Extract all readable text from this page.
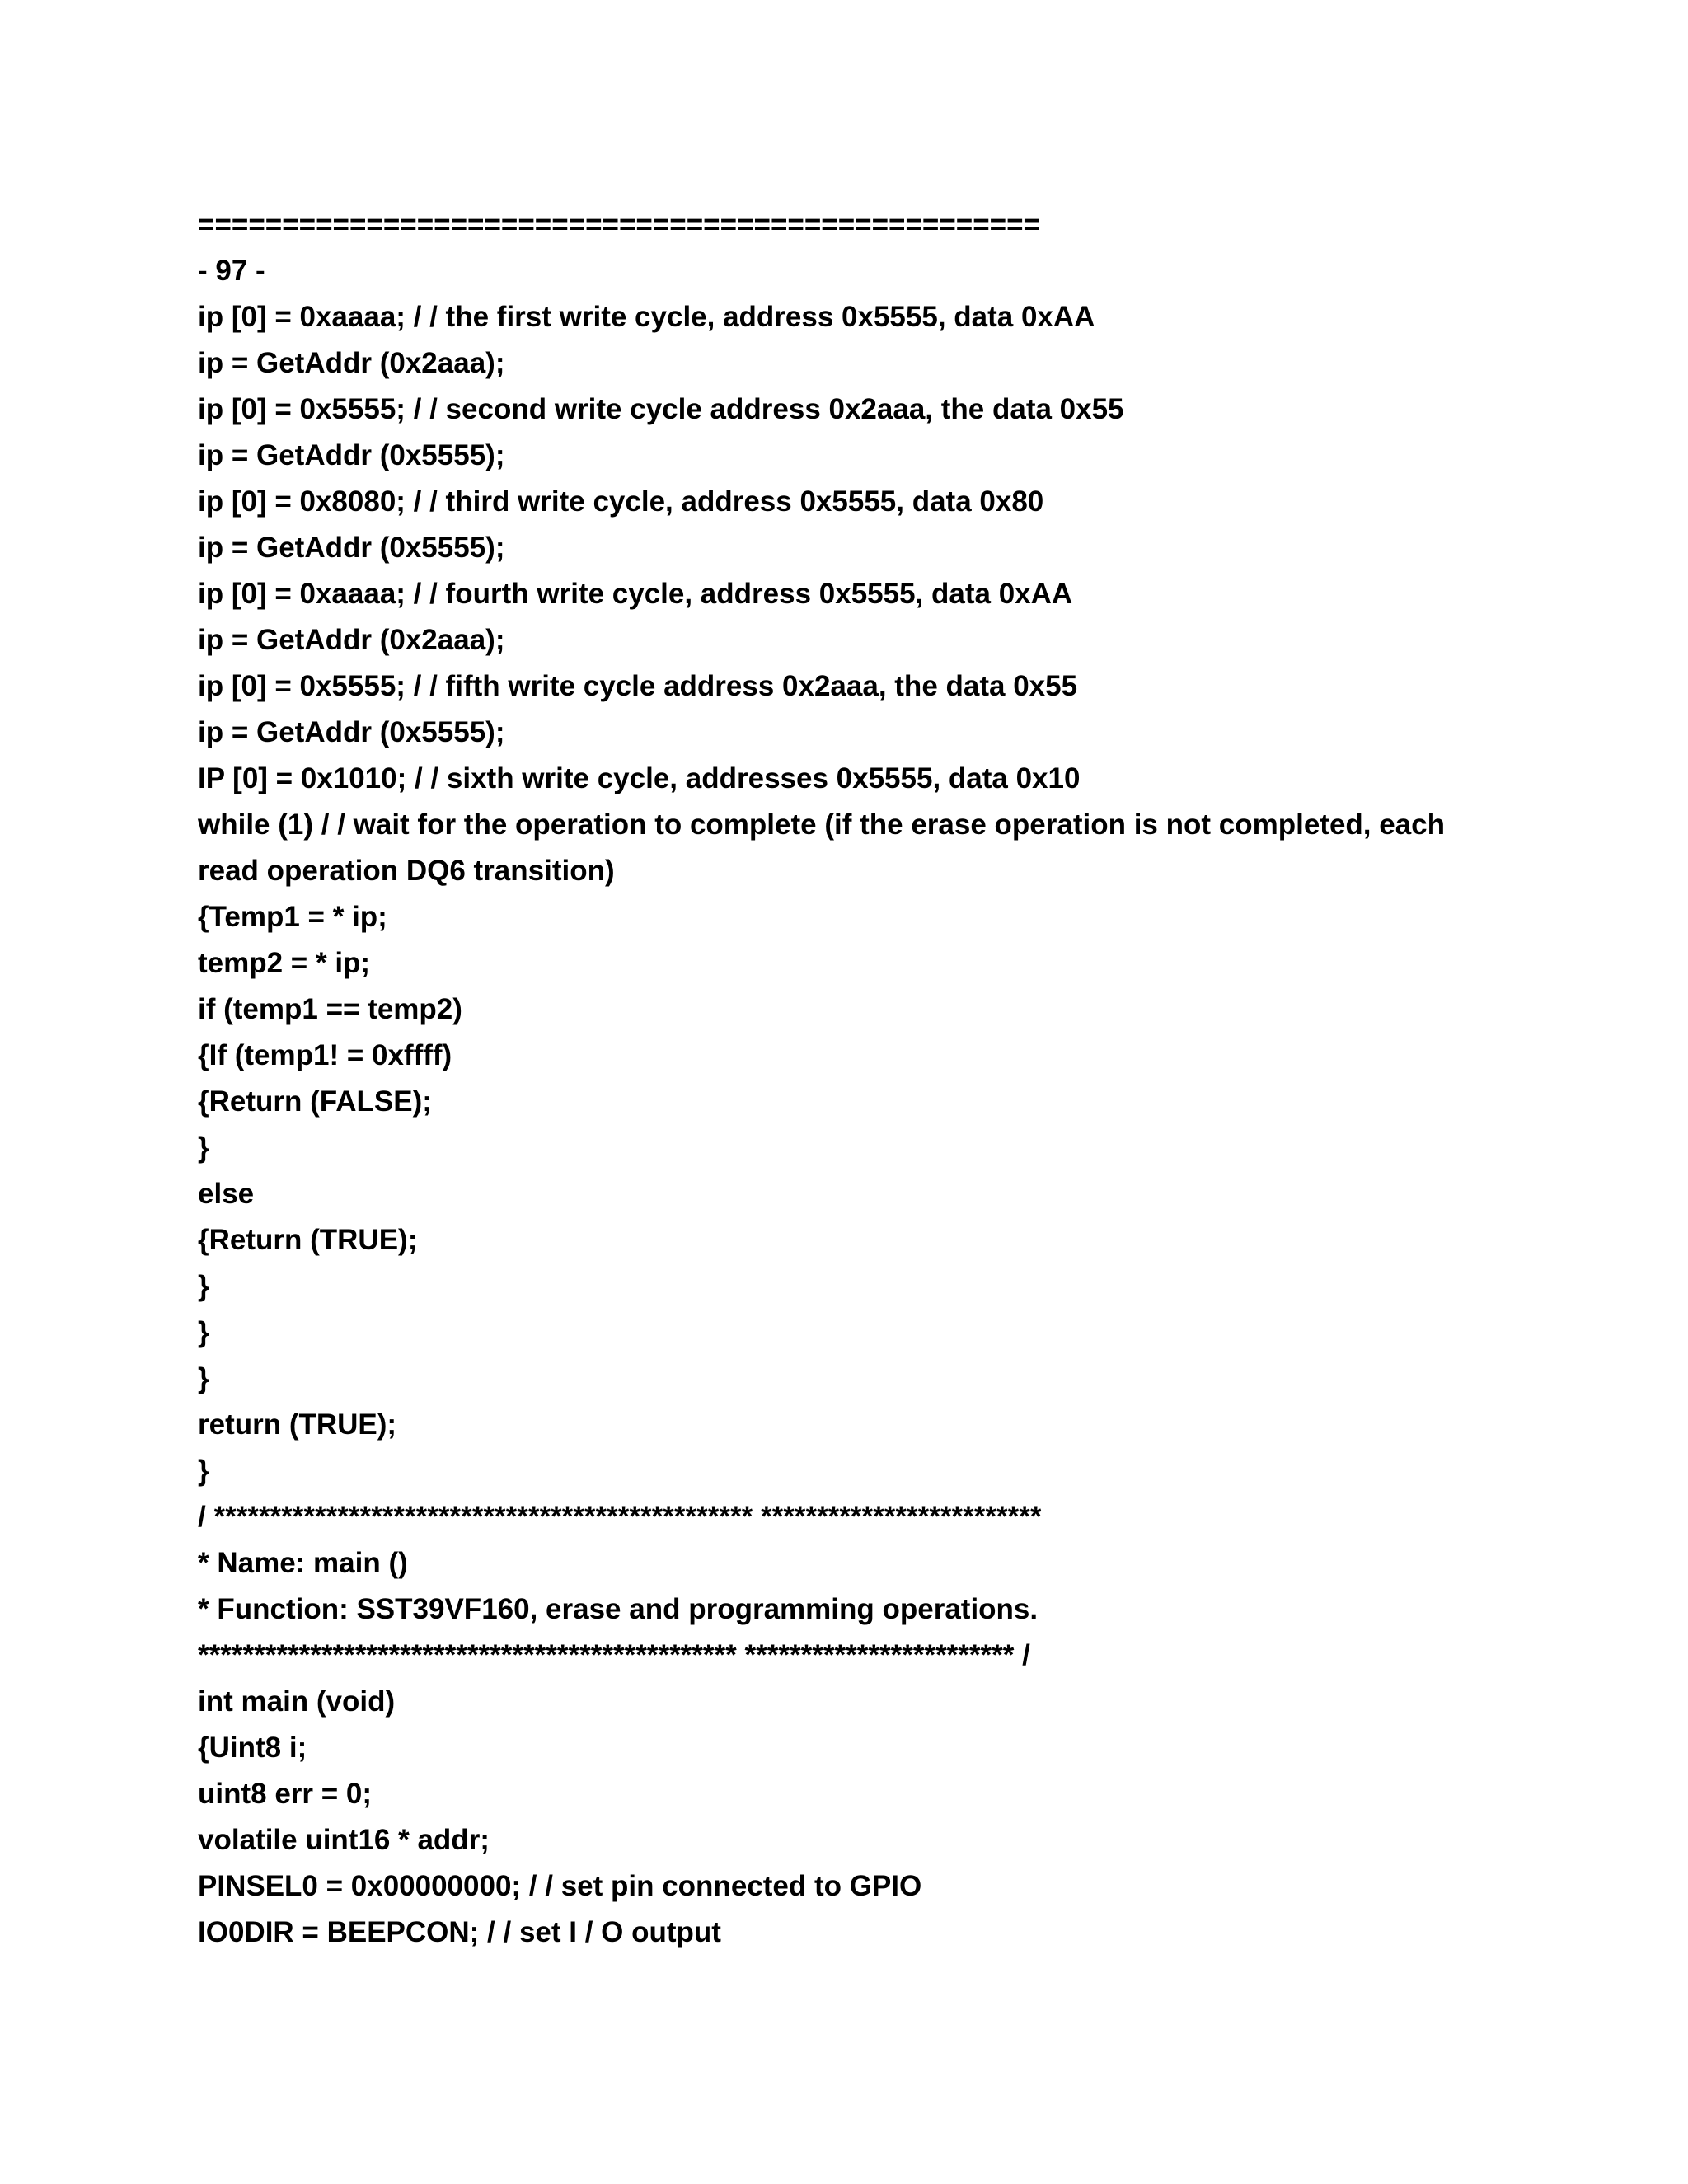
==================================================
- 97 -
ip [0] = 0xaaaa; / / the first write cycle, address 0x5555, data 0xAA
ip = GetAddr (0x2aaa);
ip [0] = 0x5555; / / second write cycle address 0x2aaa, the data 0x55
ip = GetAddr (0x5555);
ip [0] = 0x8080; / / third write cycle, address 0x5555, data 0x80
ip = GetAddr (0x5555);
ip [0] = 0xaaaa; / / fourth write cycle, address 0x5555, data 0xAA
ip = GetAddr (0x2aaa);
ip [0] = 0x5555; / / fifth write cycle address 0x2aaa, the data 0x55
ip = GetAddr (0x5555);
IP [0] = 0x1010; / / sixth write cycle, addresses 0x5555, data 0x10
while (1) / / wait for the operation to complete (if the erase operation is not completed, each
read operation DQ6 transition)
{Temp1 = * ip;
temp2 = * ip;
if (temp1 == temp2)
{If (temp1! = 0xffff)
{Return (FALSE);
}
else
{Return (TRUE);
}
}
}
return (TRUE);
}
/ ************************************************ *************************
* Name: main ()
* Function: SST39VF160, erase and programming operations.
************************************************ ************************ /
int main (void)
{Uint8 i;
uint8 err = 0;
volatile uint16 * addr;
PINSEL0 = 0x00000000; / / set pin connected to GPIO
IO0DIR = BEEPCON; / / set I / O output
